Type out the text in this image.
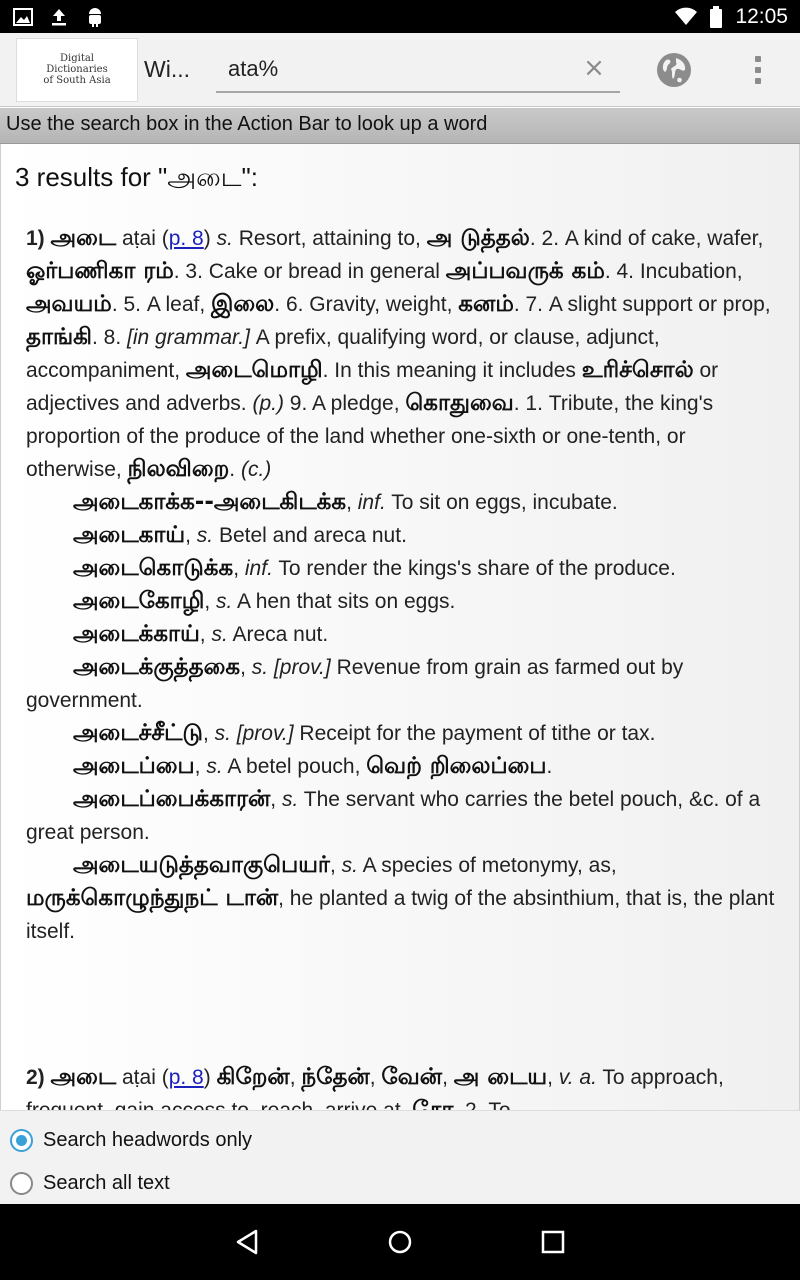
12:05
Digital
Dictionaries
of South Asia Wi...
ata%	×
Use the search box in the Action Bar to look up a word
3 results for "அடை":
1) அடை aṭai (p. 8) s. Resort, attaining to, அ டுத்தல். 2. A kind of cake, wafer, ஓர்பணிகா ரம். 3. Cake or bread in general அப்பவருக் கம். 4. Incubation, அவயம். 5. A leaf, இலை. 6. Gravity, weight, கனம். 7. A slight support or prop, தாங்கி. 8. [in grammar.] A prefix, qualifying word, or clause, adjunct, accompaniment, அடைமொழி. In this meaning it includes உரிச்சொல் or adjectives and adverbs. (p.) 9. A pledge, கொதுவை. 1. Tribute, the king's proportion of the produce of the land whether one-sixth or one-tenth, or otherwise, நிலவிறை. (c.)
அடைகாக்க--அடைகிடக்க, inf. To sit on eggs, incubate.
அடைகாய், s. Betel and areca nut.
அடைகொடுக்க, inf. To render the kings's share of the produce.
அடைகோழி, s. A hen that sits on eggs.
அடைக்காய், s. Areca nut.
அடைக்குத்தகை, s. [prov.] Revenue from grain as farmed out by government.
அடைச்சீட்டு, s. [prov.] Receipt for the payment of tithe or tax.
அடைப்பை, s. A betel pouch, வெற் றிலைப்பை.
அடைப்பைக்காரன், s. The servant who carries the betel pouch, &c. of a great person.
அடையடுத்தவாகுபெயர், s. A species of metonymy, as, மருக்கொழுந்துநட் டான், he planted a twig of the absinthium, that is, the plant itself.
2) அடை aṭai (p. 8) கிறேன், ந்தேன், வேன், அ டைய, v. a. To approach,
Search headwords only
Search all text
